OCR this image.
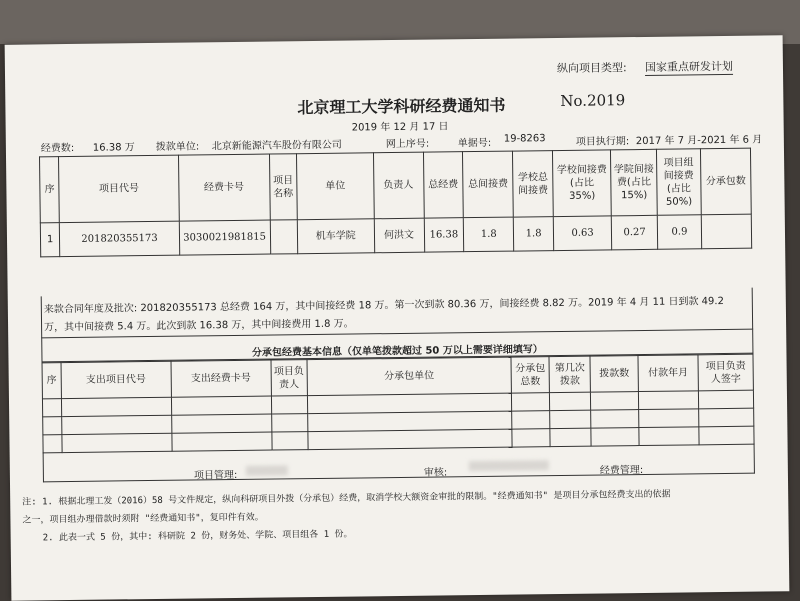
纵向项目类型: 国家重点研发计划
北京理工大学科研经费通知书	No.2019
2019 年 12 月 17 日
经费数: 16.38 万 拨款单位: 北京新能源汽车股份有限公司	网上序号:	单据号: 19-8263	项目执行期: 2017 年 7 月-2021 年 6 月
序	项目代号	经费卡号	项目名称	单位	负责人	总经费	总间接费	学校总间接费	学校间接费(占比 35%)	学院间接费(占比15%)	项目组间接费(占比50%)	分承包数
1	201820355173	3030021981815		机车学院	何洪文	16.38	1.8	1.8	0.63	0.27	0.9	
来款合同年度及批次: 201820355173 总经费 164 万，其中间接经费 18 万。第一次到款 80.36 万，间接经费 8.82 万。2019 年 4 月 11 日到款 49.2
万，其中间接费 5.4 万。此次到款 16.38 万，其中间接费用 1.8 万。
$_{分承包经费基本信息(仅单笔拨款超过 50 万以上需要详细填写)}$
序	支出项目代号	支出经费卡号	项目负责人	分承包单位	分承包总数	第几次拨款	拨款数	付款年月	项目负责人签字

项目管理:	审核:	经费管理:
注: 1. 根据北理工发（2016）58 号文件规定，纵向科研项目外拨（分承包）经费，取消学校大额资金审批的限制。"经费通知书" 是项目分承包经费支出的依据
之一，项目组办理借款时须附 "经费通知书"，复印件有效。
2. 此表一式 5 份，其中: 科研院 2 份，财务处、学院、项目组各 1 份。
